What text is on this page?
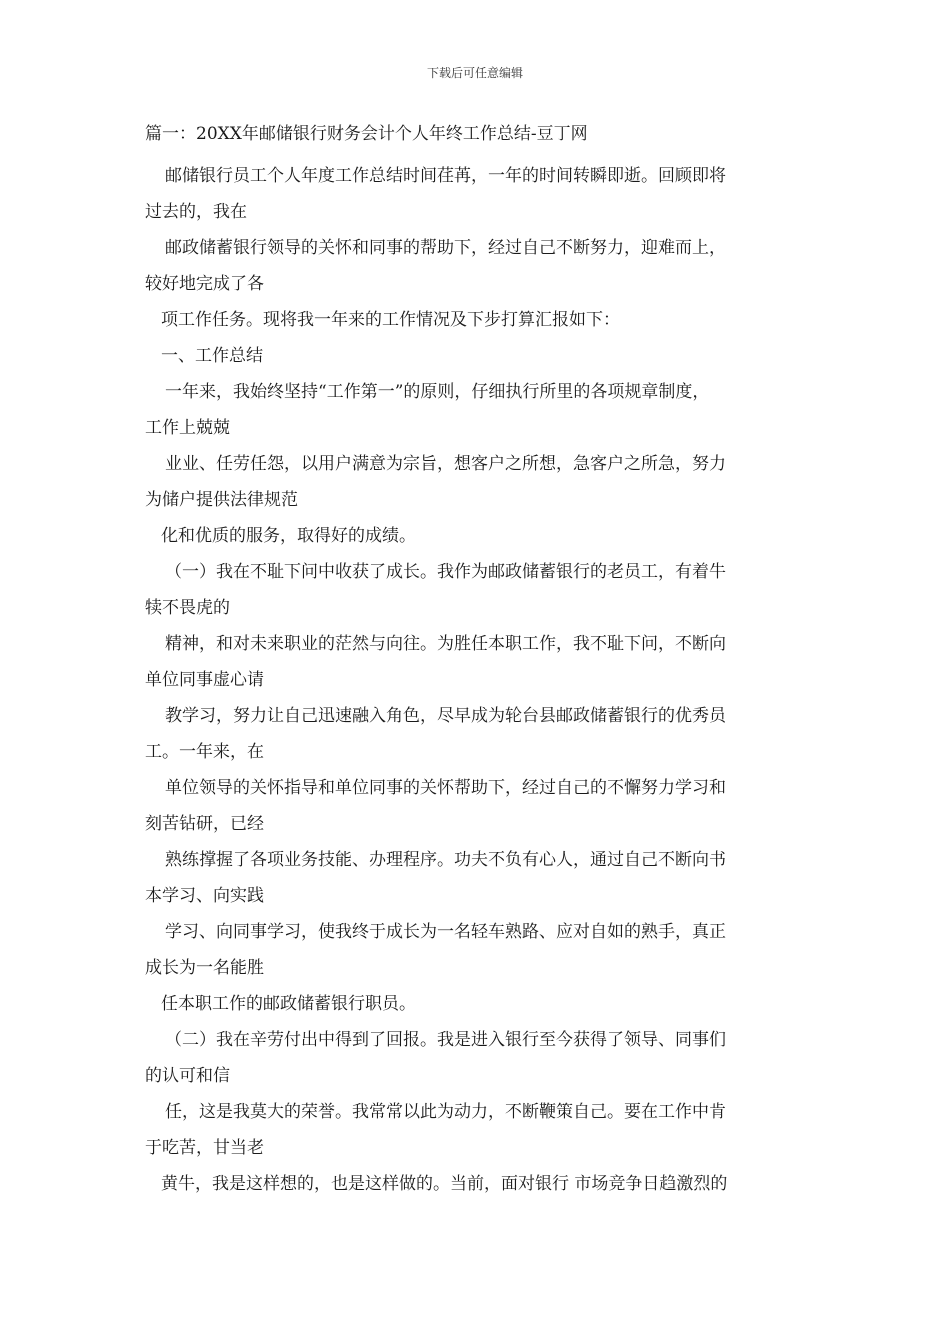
下载后可任意编辑
篇一：20XX年邮储银行财务会计个人年终工作总结-豆丁网
邮储银行员工个人年度工作总结时间荏苒，一年的时间转瞬即逝。回顾即将
过去的，我在
邮政储蓄银行领导的关怀和同事的帮助下，经过自己不断努力，迎难而上，
较好地完成了各
项工作任务。现将我一年来的工作情况及下步打算汇报如下：
一、工作总结
一年来，我始终坚持“工作第一”的原则，仔细执行所里的各项规章制度，
工作上兢兢
业业、任劳任怨，以用户满意为宗旨，想客户之所想，急客户之所急，努力
为储户提供法律规范
化和优质的服务，取得好的成绩。
（一）我在不耻下问中收获了成长。我作为邮政储蓄银行的老员工，有着牛
犊不畏虎的
精神，和对未来职业的茫然与向往。为胜任本职工作，我不耻下问，不断向
单位同事虚心请
教学习，努力让自己迅速融入角色，尽早成为轮台县邮政储蓄银行的优秀员
工。一年来，在
单位领导的关怀指导和单位同事的关怀帮助下，经过自己的不懈努力学习和
刻苦钻研，已经
熟练撑握了各项业务技能、办理程序。功夫不负有心人，通过自己不断向书
本学习、向实践
学习、向同事学习，使我终于成长为一名轻车熟路、应对自如的熟手，真正
成长为一名能胜
任本职工作的邮政储蓄银行职员。
（二）我在辛劳付出中得到了回报。我是进入银行至今获得了领导、同事们
的认可和信
任，这是我莫大的荣誉。我常常以此为动力，不断鞭策自己。要在工作中肯
于吃苦，甘当老
黄牛，我是这样想的，也是这样做的。当前，面对银行 市场竞争日趋激烈的
